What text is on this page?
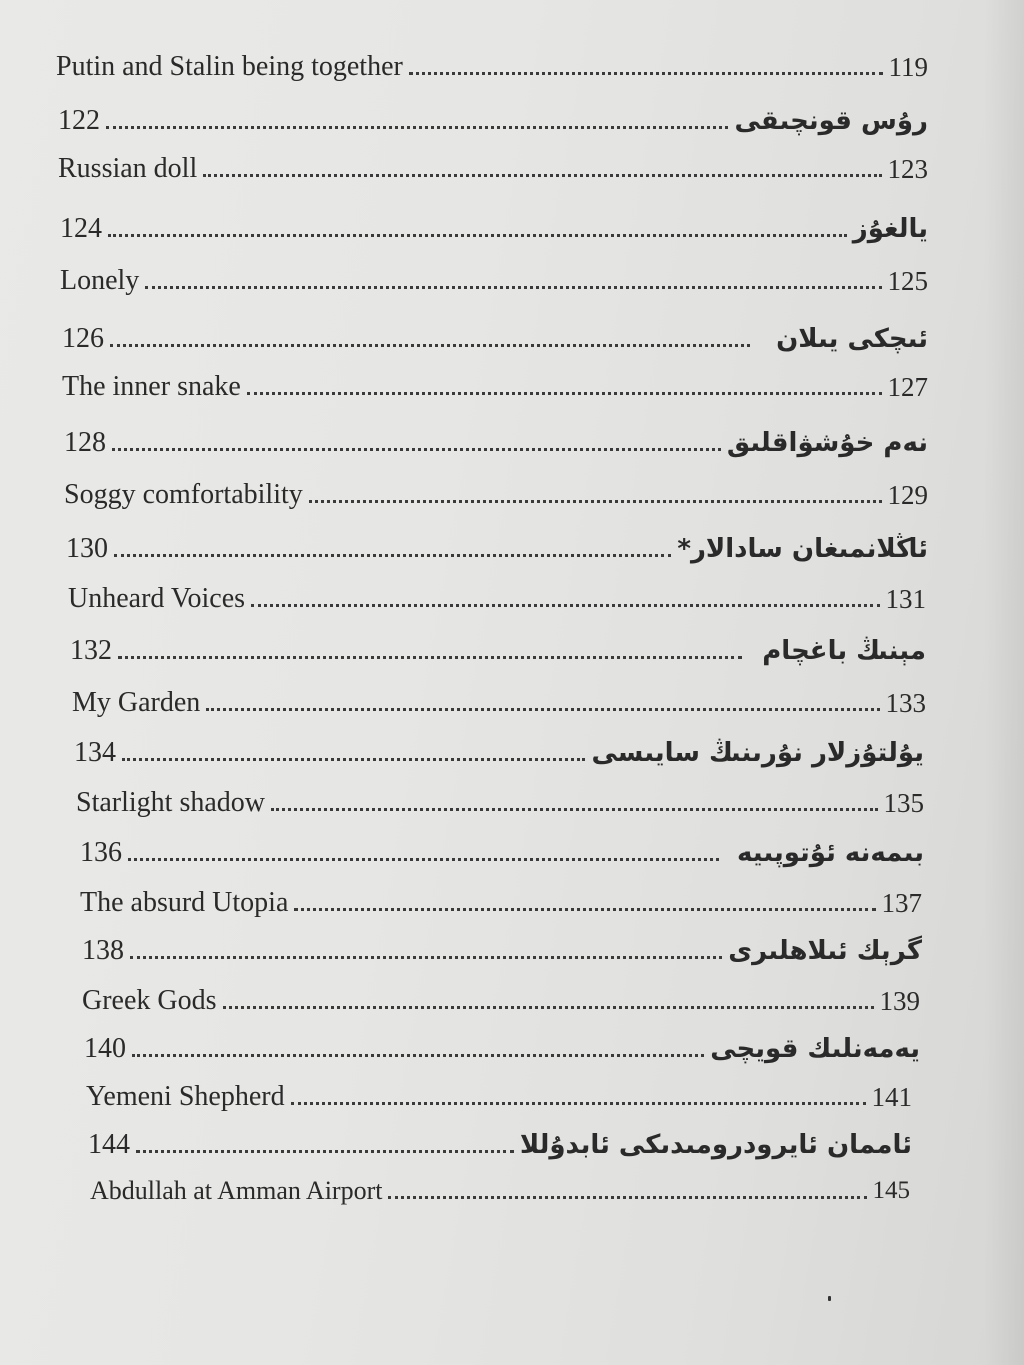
Putin and Stalin being together	119
122	رۇس قونچىقى
Russian doll	123
124	يالغۇز
Lonely	125
126	ئىچكى يىلان
The inner snake	127
128	نەم خۇشۋاقلىق
Soggy comfortability	129
130	ئاڭلانمىغان سادالار*
Unheard Voices	131
132	مېنىڭ باغچام
My Garden	133
134	يۇلتۇزلار نۇرىنىڭ سايىسى
Starlight shadow	135
136	بىمەنە ئۇتوپىيە
The absurd Utopia	137
138	گرېك ئىلاھلىرى
Greek Gods	139
140	يەمەنلىك قويچى
Yemeni Shepherd	141
144	ئاممان ئايرودرومىدىكى ئابدۇللا
Abdullah at Amman Airport	145
